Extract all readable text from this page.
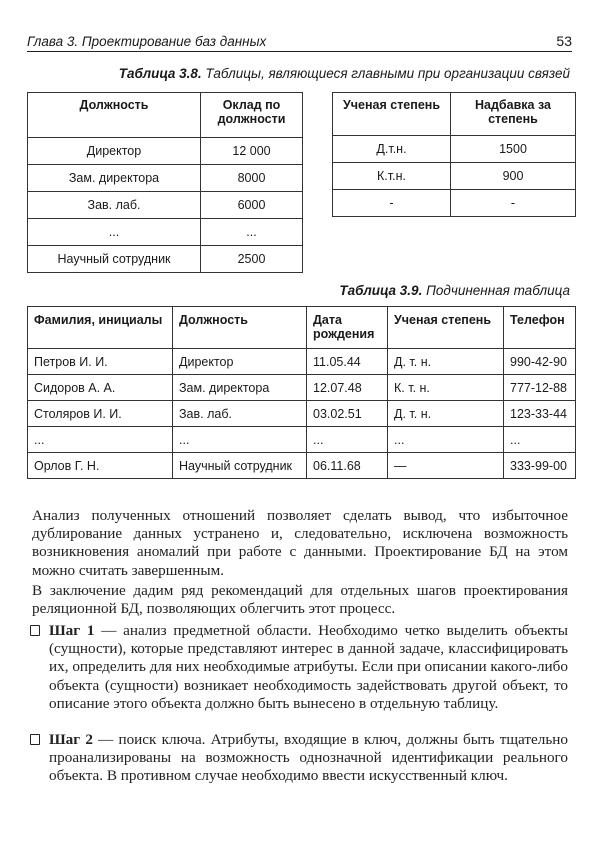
Глава 3. Проектирование баз данных	53
Таблица 3.8. Таблицы, являющиеся главными при организации связей
Должность	Оклад по должности
Директор	12 000
Зам. директора	8000
Зав. лаб.	6000
...	...
Научный сотрудник	2500
Ученая степень	Надбавка за степень
Д.т.н.	1500
К.т.н.	900
-	-
Таблица 3.9. Подчиненная таблица
Фамилия, инициалы	Должность	Дата рождения	Ученая степень	Телефон
Петров И. И.	Директор	11.05.44	Д. т. н.	990-42-90
Сидоров А. А.	Зам. директора	12.07.48	К. т. н.	777-12-88
Столяров И. И.	Зав. лаб.	03.02.51	Д. т. н.	123-33-44
...	...	...	...	...
Орлов Г. Н.	Научный сотрудник	06.11.68	—	333-99-00
Анализ полученных отношений позволяет сделать вывод, что избыточное дублирование данных устранено и, следовательно, исключена возможность возникновения аномалий при работе с данными. Проектирование БД на этом можно считать завершенным.
В заключение дадим ряд рекомендаций для отдельных шагов проектирования реляционной БД, позволяющих облегчить этот процесс.
Шаг 1 — анализ предметной области. Необходимо четко выделить объекты (сущности), которые представляют интерес в данной задаче, классифицировать их, определить для них необходимые атрибуты. Если при описании какого-либо объекта (сущности) возникает необходимость задействовать другой объект, то описание этого объекта должно быть вынесено в отдельную таблицу.
Шаг 2 — поиск ключа. Атрибуты, входящие в ключ, должны быть тщательно проанализированы на возможность однозначной идентификации реального объекта. В противном случае необходимо ввести искусственный ключ.
